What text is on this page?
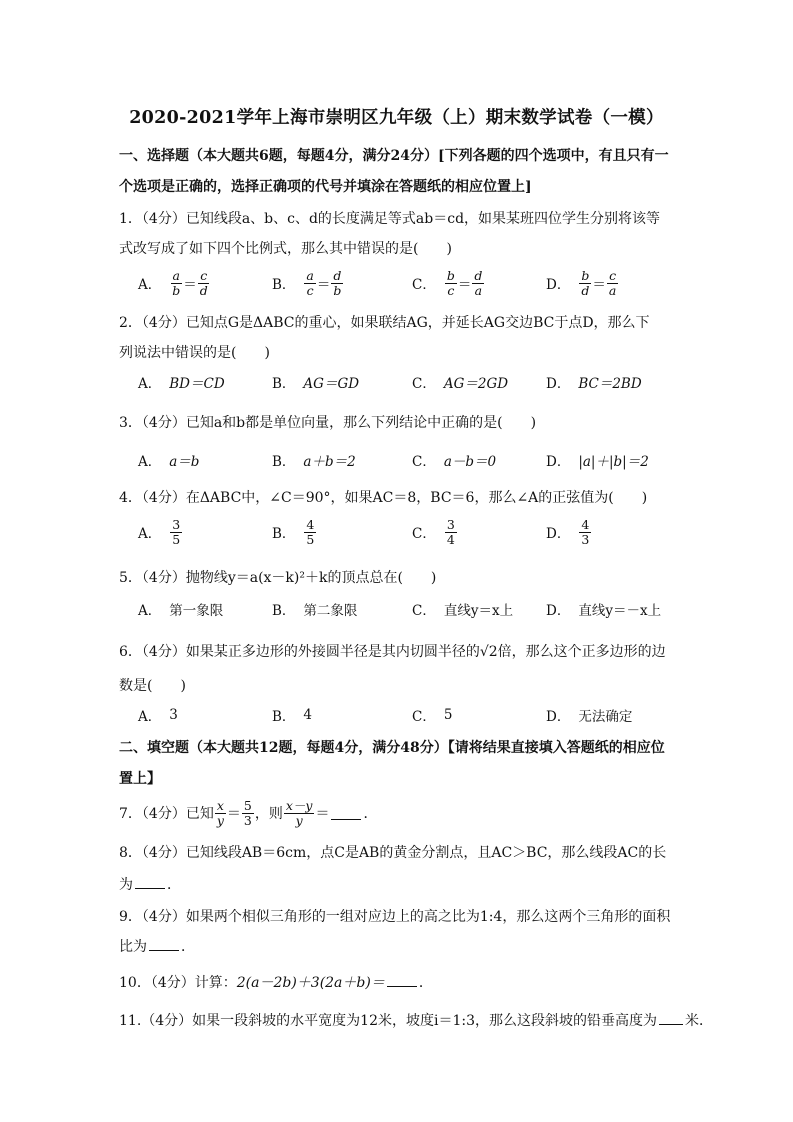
2020-2021学年上海市崇明区九年级（上）期末数学试卷（一模）
一、选择题（本大题共6题，每题4分，满分24分）[下列各题的四个选项中，有且只有一
个选项是正确的，选择正确项的代号并填涂在答题纸的相应位置上]
1．（4分）已知线段a、b、c、d的长度满足等式ab＝cd，如果某班四位学生分别将该等
式改写成了如下四个比例式，那么其中错误的是(　　)
A． $\frac{a}{b} = \frac{c}{d}$	B． $\frac{a}{c} = \frac{d}{b}$	C． $\frac{b}{c} = \frac{d}{a}$	D． $\frac{b}{d} = \frac{c}{a}$
2．（4分）已知点G是ΔABC的重心，如果联结AG，并延长AG交边BC于点D，那么下
列说法中错误的是(　　)
A． BD＝CD	B． AG＝GD	C． AG＝2GD	D． BC＝2BD
3．（4分）已知a和b都是单位向量，那么下列结论中正确的是(　　)
A． a＝b	B． a＋b＝2	C． a－b＝0	D． |a|＋|b|＝2
4．（4分）在ΔABC中，∠C＝90°，如果AC＝8，BC＝6，那么∠A的正弦值为(　　)
A． $\frac{3}{5}$	B． $\frac{4}{5}$	C． $\frac{3}{4}$	D． $\frac{4}{3}$
5．（4分）抛物线y＝a(x－k)²＋k的顶点总在(　　)
A． 第一象限	B． 第二象限	C． 直线y＝x上 D． 直线y＝－x上
6．（4分）如果某正多边形的外接圆半径是其内切圆半径的√2倍，那么这个正多边形的边
数是(　　)
A． 3	B． 4	C． 5	D． 无法确定
二、填空题（本大题共12题，每题4分，满分48分）【请将结果直接填入答题纸的相应位
置上】
7．（4分）已知 $\frac{x}{y} = \frac{5}{3}$ ，则 $\frac{x-y}{y}$ ＝ ．
8．（4分）已知线段AB＝6cm，点C是AB的黄金分割点，且AC＞BC，那么线段AC的长
为 ．
9．（4分）如果两个相似三角形的一组对应边上的高之比为1:4，那么这两个三角形的面积
比为 ．
10．（4分）计算：2(a－2b)＋3(2a＋b)＝ ．
11.（4分）如果一段斜坡的水平宽度为12米，坡度i＝1:3，那么这段斜坡的铅垂高度为 米．
